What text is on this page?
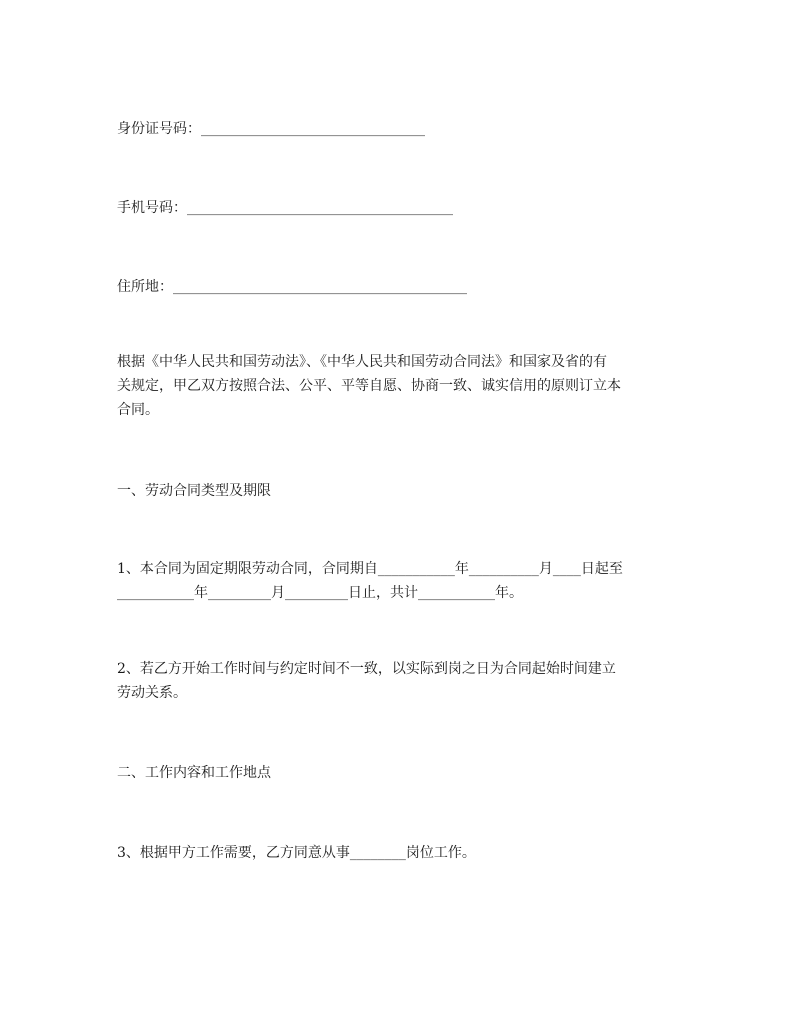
身份证号码：________________________________

手机号码：______________________________________

住所地：__________________________________________

根据《中华人民共和国劳动法》、《中华人民共和国劳动合同法》和国家及省的有
关规定，甲乙双方按照合法、公平、平等自愿、协商一致、诚实信用的原则订立本
合同。

一、劳动合同类型及期限

1、本合同为固定期限劳动合同，合同期自___________年__________月____日起至
___________年_________月_________日止，共计___________年。
2、若乙方开始工作时间与约定时间不一致，以实际到岗之日为合同起始时间建立
劳动关系。

二、工作内容和工作地点

3、根据甲方工作需要，乙方同意从事________岗位工作。
